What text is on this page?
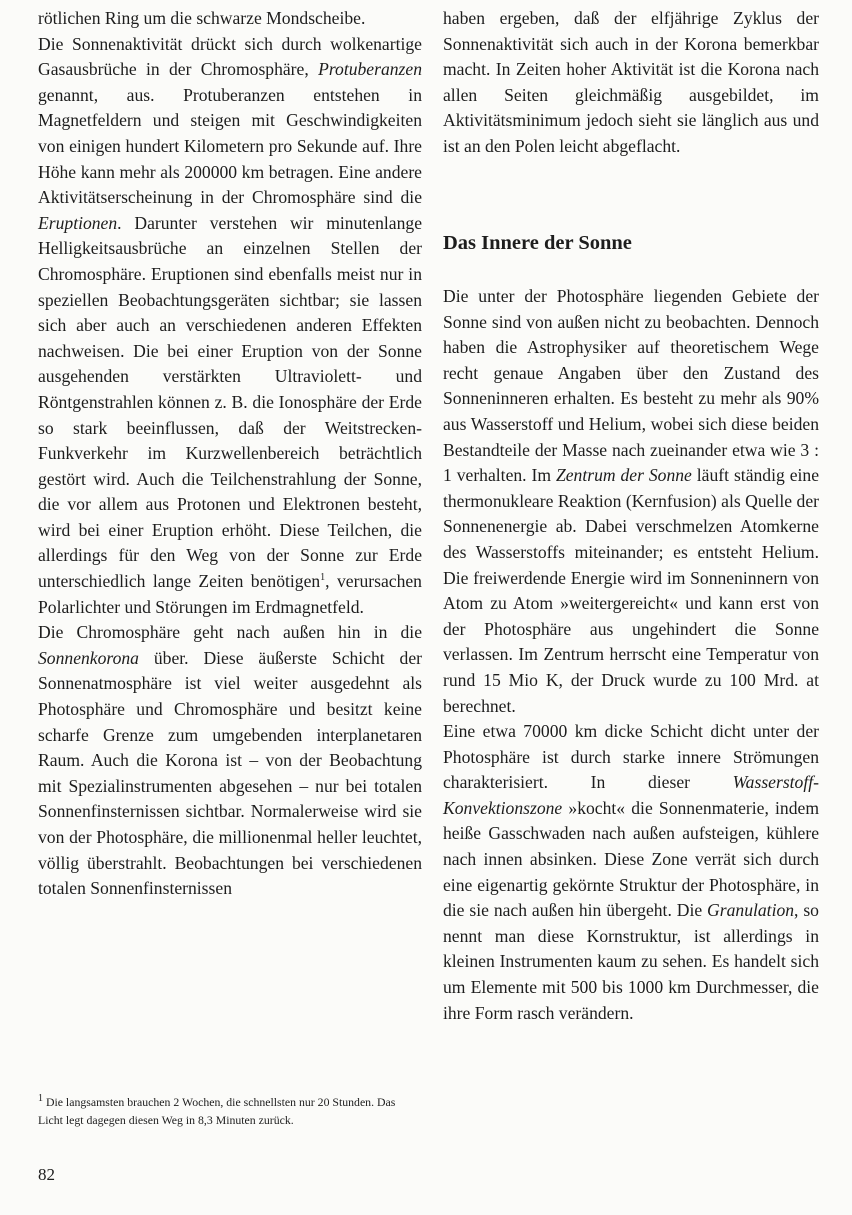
rötlichen Ring um die schwarze Mondscheibe.

Die Sonnenaktivität drückt sich durch wolkenartige Gasausbrüche in der Chromosphäre, Protuberanzen genannt, aus. Protuberanzen entstehen in Magnetfeldern und steigen mit Geschwindigkeiten von einigen hundert Kilometern pro Sekunde auf. Ihre Höhe kann mehr als 200000 km betragen. Eine andere Aktivitätserscheinung in der Chromosphäre sind die Eruptionen. Darunter verstehen wir minutenlange Helligkeitsausbrüche an einzelnen Stellen der Chromosphäre. Eruptionen sind ebenfalls meist nur in speziellen Beobachtungsgeräten sichtbar; sie lassen sich aber auch an verschiedenen anderen Effekten nachweisen. Die bei einer Eruption von der Sonne ausgehenden verstärkten Ultraviolett- und Röntgenstrahlen können z. B. die Ionosphäre der Erde so stark beeinflussen, daß der Weitstrecken-Funkverkehr im Kurzwellenbereich beträchtlich gestört wird. Auch die Teilchenstrahlung der Sonne, die vor allem aus Protonen und Elektronen besteht, wird bei einer Eruption erhöht. Diese Teilchen, die allerdings für den Weg von der Sonne zur Erde unterschiedlich lange Zeiten benötigen$^1$, verursachen Polarlichter und Störungen im Erdmagnetfeld.

Die Chromosphäre geht nach außen hin in die Sonnenkorona über. Diese äußerste Schicht der Sonnenatmosphäre ist viel weiter ausgedehnt als Photosphäre und Chromosphäre und besitzt keine scharfe Grenze zum umgebenden interplanetaren Raum. Auch die Korona ist – von der Beobachtung mit Spezialinstrumenten abgesehen – nur bei totalen Sonnenfinsternissen sichtbar. Normalerweise wird sie von der Photosphäre, die millionenmal heller leuchtet, völlig überstrahlt. Beobachtungen bei verschiedenen totalen Sonnenfinsternissen

haben ergeben, daß der elfjährige Zyklus der Sonnenaktivität sich auch in der Korona bemerkbar macht. In Zeiten hoher Aktivität ist die Korona nach allen Seiten gleichmäßig ausgebildet, im Aktivitätsminimum jedoch sieht sie länglich aus und ist an den Polen leicht abgeflacht.

Das Innere der Sonne

Die unter der Photosphäre liegenden Gebiete der Sonne sind von außen nicht zu beobachten. Dennoch haben die Astrophysiker auf theoretischem Wege recht genaue Angaben über den Zustand des Sonneninneren erhalten. Es besteht zu mehr als 90% aus Wasserstoff und Helium, wobei sich diese beiden Bestandteile der Masse nach zueinander etwa wie 3 : 1 verhalten. Im Zentrum der Sonne läuft ständig eine thermonukleare Reaktion (Kernfusion) als Quelle der Sonnenenergie ab. Dabei verschmelzen Atomkerne des Wasserstoffs miteinander; es entsteht Helium. Die freiwerdende Energie wird im Sonneninnern von Atom zu Atom »weitergereicht« und kann erst von der Photosphäre aus ungehindert die Sonne verlassen. Im Zentrum herrscht eine Temperatur von rund 15 Mio K, der Druck wurde zu 100 Mrd. at berechnet.

Eine etwa 70000 km dicke Schicht dicht unter der Photosphäre ist durch starke innere Strömungen charakterisiert. In dieser Wasserstoff-Konvektionszone »kocht« die Sonnenmaterie, indem heiße Gasschwaden nach außen aufsteigen, kühlere nach innen absinken. Diese Zone verrät sich durch eine eigenartig gekörnte Struktur der Photosphäre, in die sie nach außen hin übergeht. Die Granulation, so nennt man diese Kornstruktur, ist allerdings in kleinen Instrumenten kaum zu sehen. Es handelt sich um Elemente mit 500 bis 1000 km Durchmesser, die ihre Form rasch verändern.

$^1$ Die langsamsten brauchen 2 Wochen, die schnellsten nur 20 Stunden. Das Licht legt dagegen diesen Weg in 8,3 Minuten zurück.
82
